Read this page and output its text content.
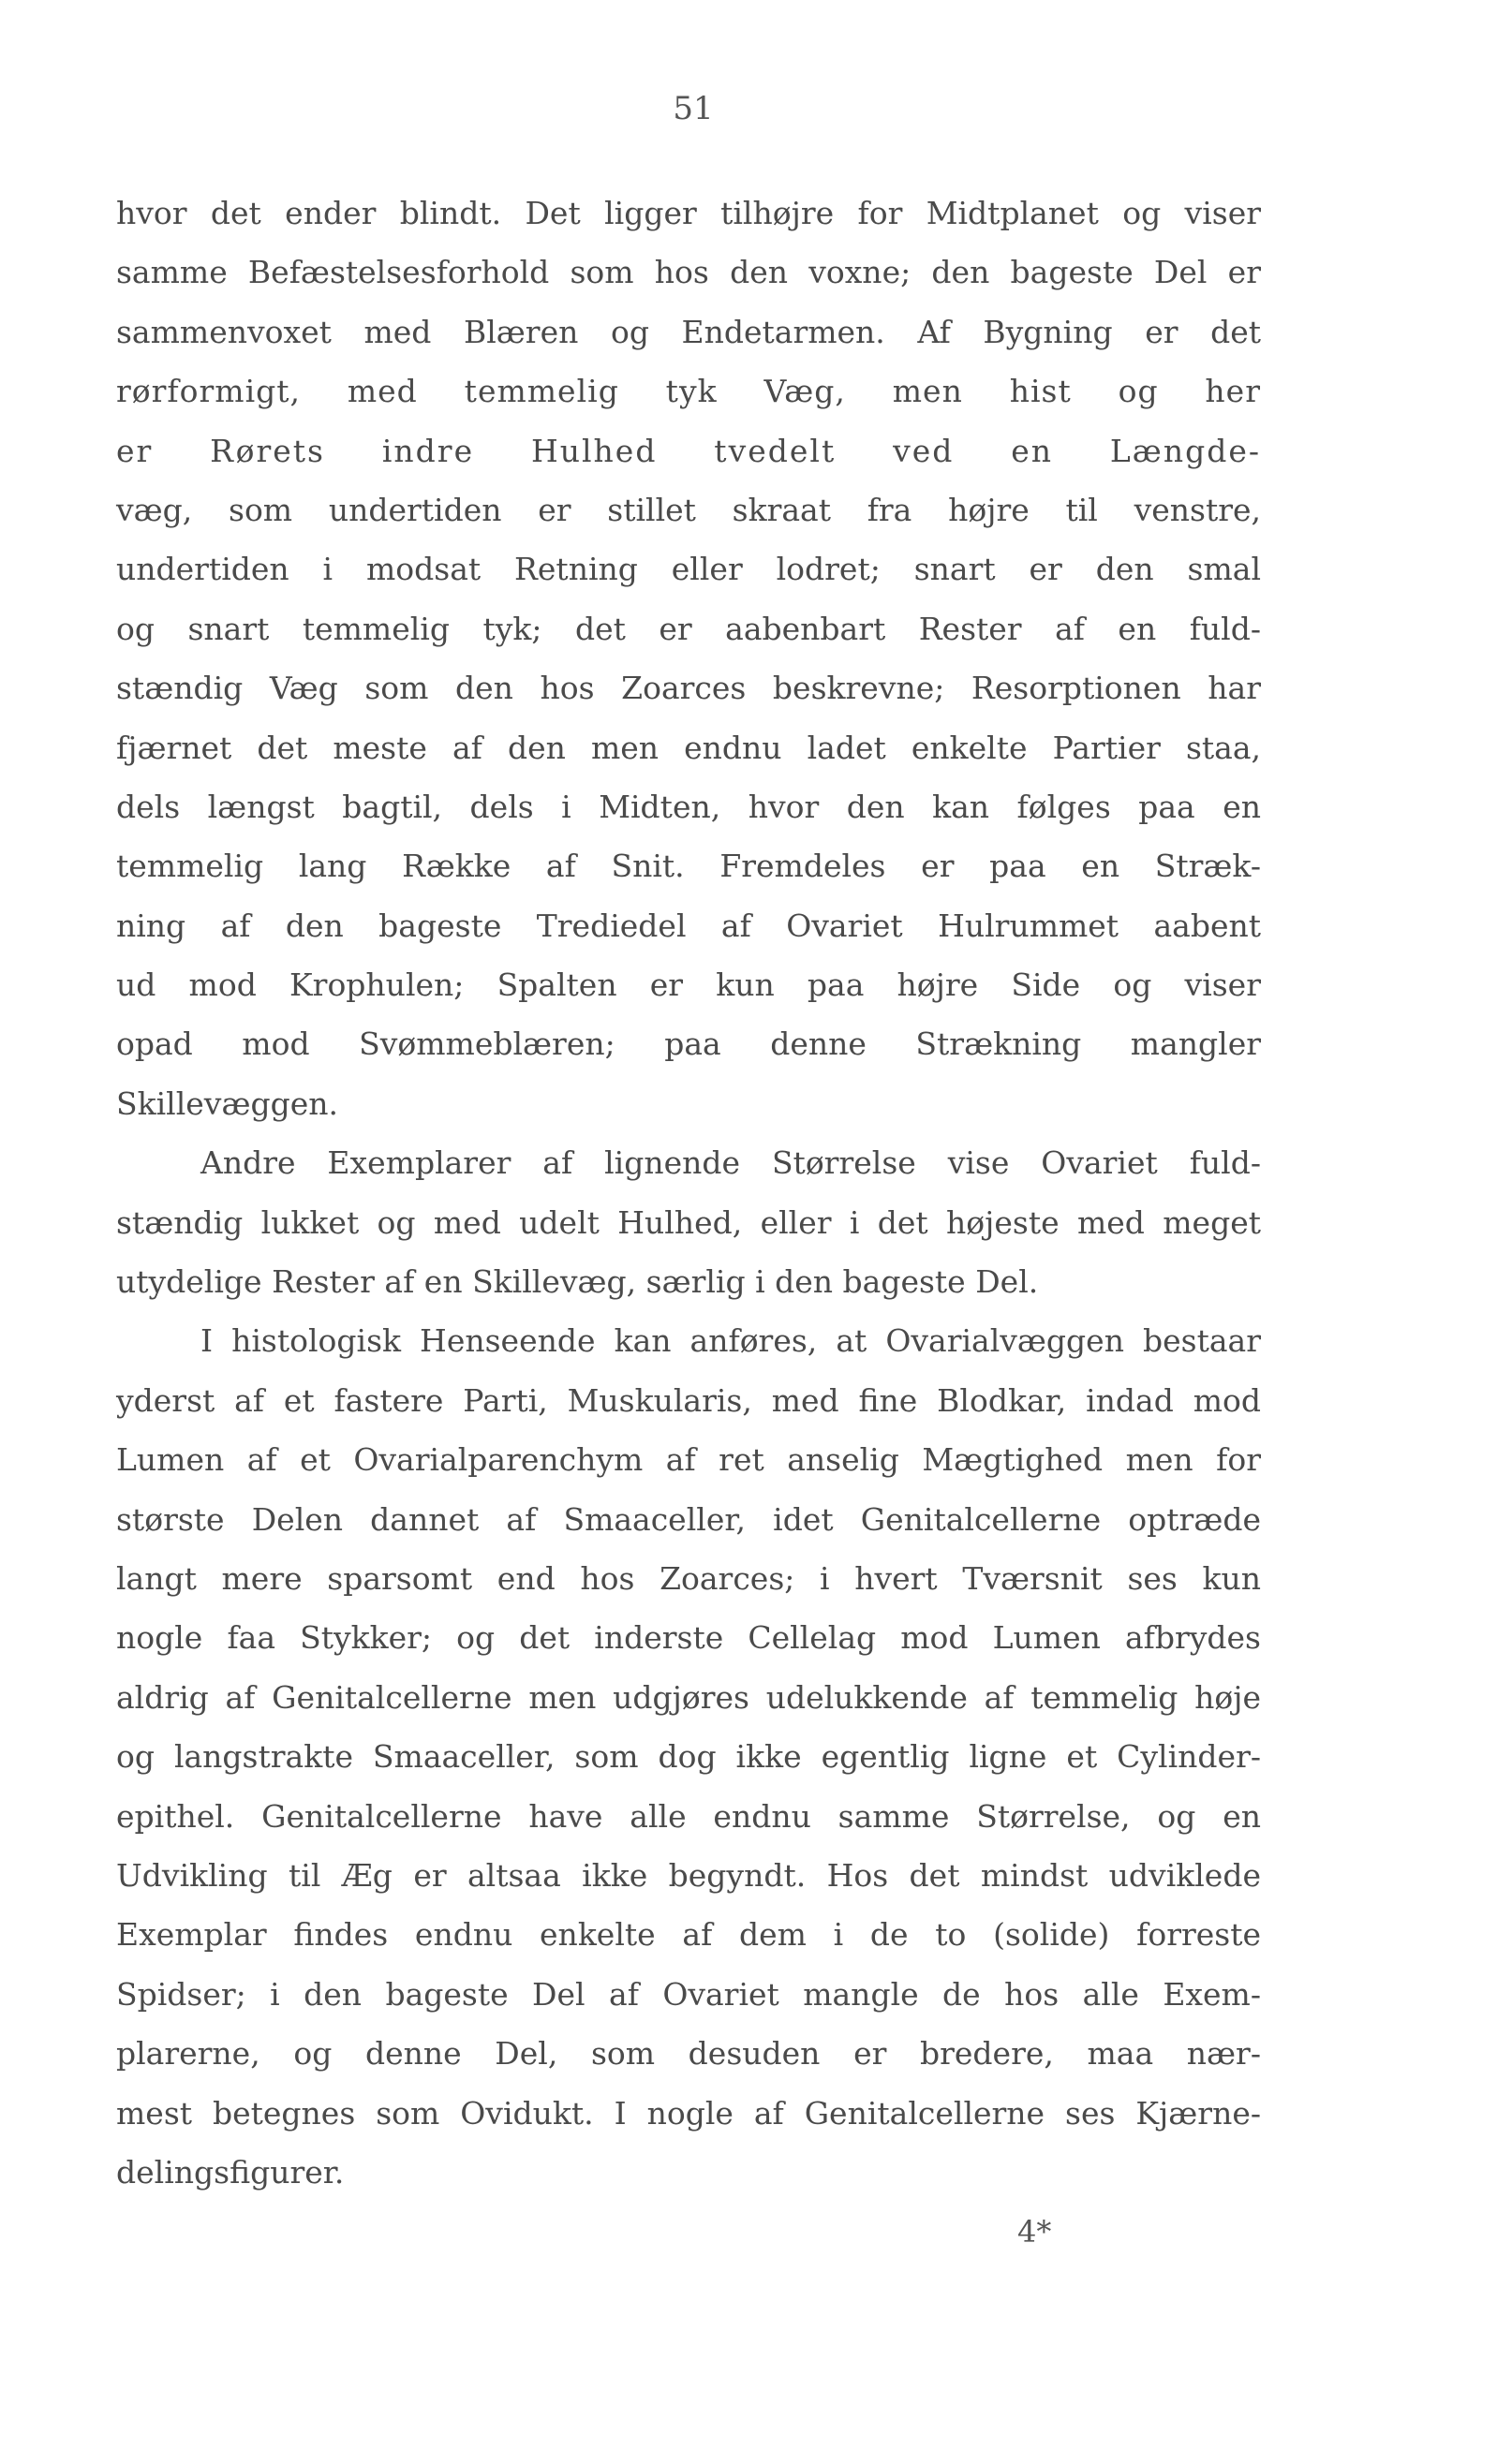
51
hvor det ender blindt. Det ligger tilhøjre for Midtplanet og viser
samme Befæstelsesforhold som hos den voxne; den bageste Del er
sammenvoxet med Blæren og Endetarmen. Af Bygning er det
rørformigt, med temmelig tyk Væg, men hist og her
er Rørets indre Hulhed tvedelt ved en Længde-
væg, som undertiden er stillet skraat fra højre til venstre,
undertiden i modsat Retning eller lodret; snart er den smal
og snart temmelig tyk; det er aabenbart Rester af en fuld-
stændig Væg som den hos Zoarces beskrevne; Resorptionen har
fjærnet det meste af den men endnu ladet enkelte Partier staa,
dels længst bagtil, dels i Midten, hvor den kan følges paa en
temmelig lang Række af Snit. Fremdeles er paa en Stræk-
ning af den bageste Trediedel af Ovariet Hulrummet aabent
ud mod Krophulen; Spalten er kun paa højre Side og viser
opad mod Svømmeblæren; paa denne Strækning mangler
Skillevæggen.
Andre Exemplarer af lignende Størrelse vise Ovariet fuld-
stændig lukket og med udelt Hulhed, eller i det højeste med meget
utydelige Rester af en Skillevæg, særlig i den bageste Del.
I histologisk Henseende kan anføres, at Ovarialvæggen bestaar
yderst af et fastere Parti, Muskularis, med fine Blodkar, indad mod
Lumen af et Ovarialparenchym af ret anselig Mægtighed men for
største Delen dannet af Smaaceller, idet Genitalcellerne optræde
langt mere sparsomt end hos Zoarces; i hvert Tværsnit ses kun
nogle faa Stykker; og det inderste Cellelag mod Lumen afbrydes
aldrig af Genitalcellerne men udgjøres udelukkende af temmelig høje
og langstrakte Smaaceller, som dog ikke egentlig ligne et Cylinder-
epithel. Genitalcellerne have alle endnu samme Størrelse, og en
Udvikling til Æg er altsaa ikke begyndt. Hos det mindst udviklede
Exemplar findes endnu enkelte af dem i de to (solide) forreste
Spidser; i den bageste Del af Ovariet mangle de hos alle Exem-
plarerne, og denne Del, som desuden er bredere, maa nær-
mest betegnes som Ovidukt. I nogle af Genitalcellerne ses Kjærne-
delingsfigurer.
4*
